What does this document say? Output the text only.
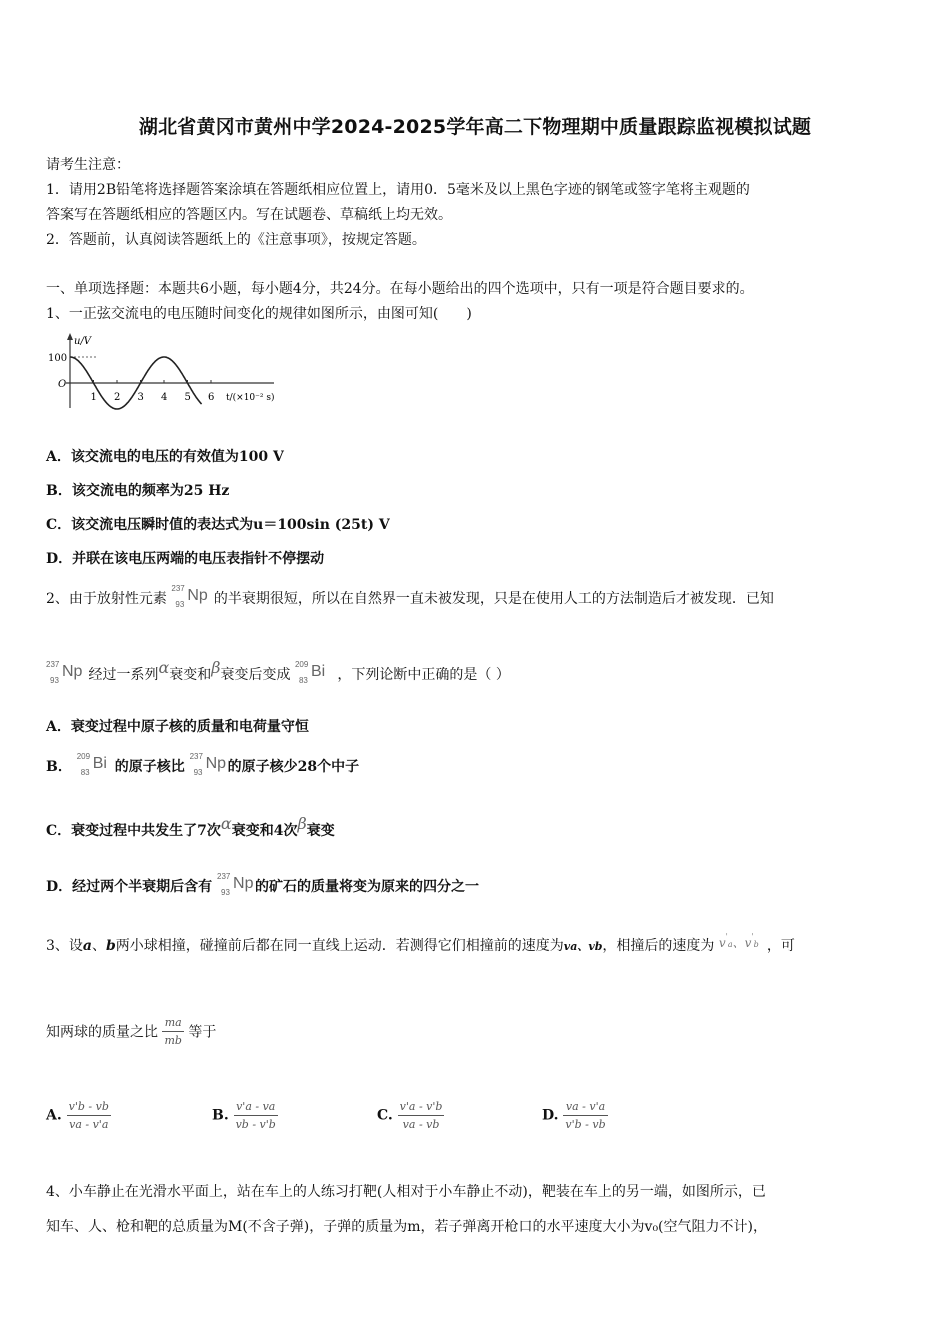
湖北省黄冈市黄州中学2024-2025学年高二下物理期中质量跟踪监视模拟试题
请考生注意：
1．请用2B铅笔将选择题答案涂填在答题纸相应位置上，请用0．5毫米及以上黑色字迹的钢笔或签字笔将主观题的
答案写在答题纸相应的答题区内。写在试题卷、草稿纸上均无效。
2．答题前，认真阅读答题纸上的《注意事项》，按规定答题。
一、单项选择题：本题共6小题，每小题4分，共24分。在每小题给出的四个选项中，只有一项是符合题目要求的。
1、一正弦交流电的电压随时间变化的规律如图所示，由图可知(　　)
u/V
100
O
1 2 3 4 5 6 t/(×10⁻² s)
A．该交流电的电压的有效值为100 V
B．该交流电的频率为25 Hz
C．该交流电压瞬时值的表达式为u＝100sin (25t) V
D．并联在该电压两端的电压表指针不停摆动
2、由于放射性元素
237
93
Np 的半衰期很短，所以在自然界一直未被发现，只是在使用人工的方法制造后才被发现．已知
237
93
Np 经过一系列α衰变和β衰变后变成
209
83
Bi ，下列论断中正确的是（ ）
A．衰变过程中原子核的质量和电荷量守恒
B．
209
83
Bi 的原子核比
237
93
Np 的原子核少28个中子
C．衰变过程中共发生了7次α衰变和4次β衰变
D．经过两个半衰期后含有
237
93
Np 的矿石的质量将变为原来的四分之一
3、设a、b两小球相撞，碰撞前后都在同一直线上运动．若测得它们相撞前的速度为va、vb，相撞后的速度为 v'a、v'b ，可
知两球的质量之比 $\frac{ma}{mb}$ 等于
A. $\frac{v'b - vb}{va - v'a}$	B. $\frac{v'a - va}{vb - v'b}$	C. $\frac{v'a - v'b}{va - vb}$	D. $\frac{va - v'a}{v'b - vb}$
4、小车静止在光滑水平面上，站在车上的人练习打靶(人相对于小车静止不动)，靶装在车上的另一端，如图所示，已
知车、人、枪和靶的总质量为M(不含子弹)，子弹的质量为m，若子弹离开枪口的水平速度大小为v₀(空气阻力不计)，
